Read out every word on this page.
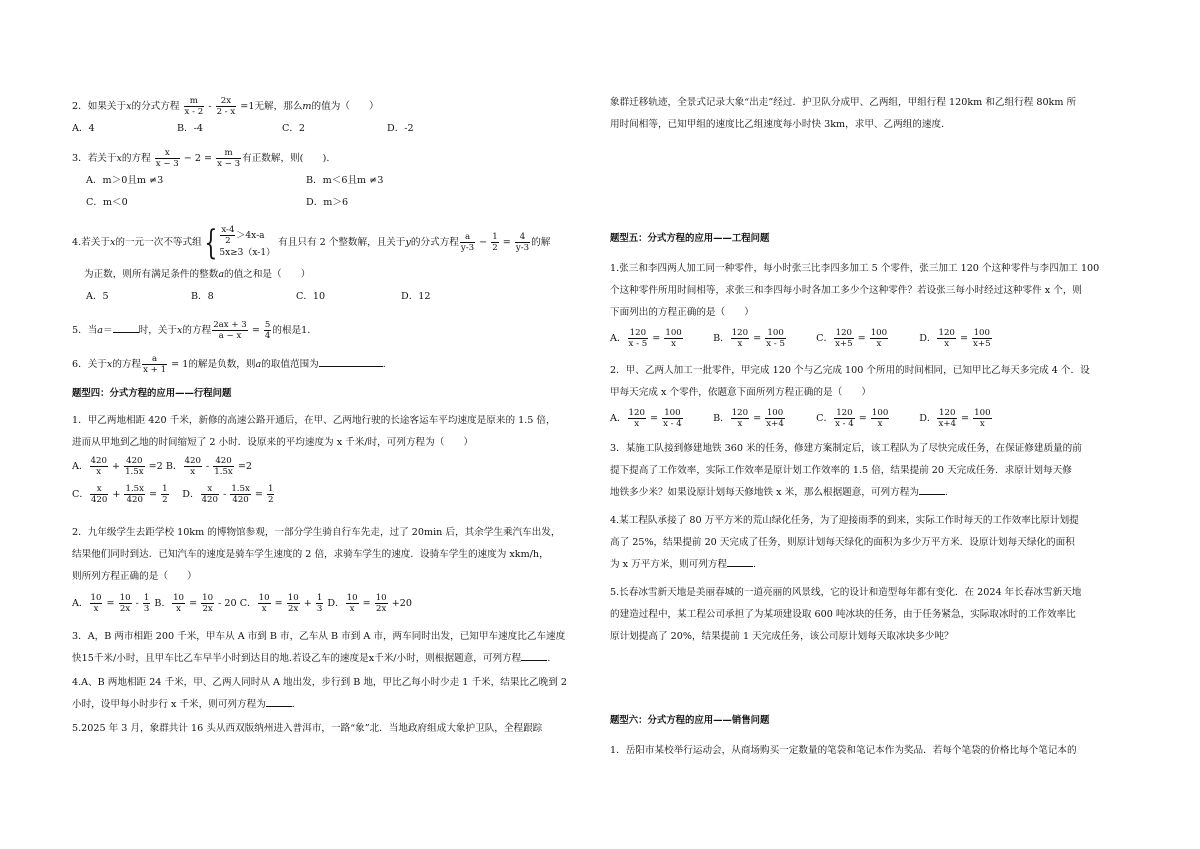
2．如果关于x的分式方程 $\frac{m}{x - 2} - \frac{2x}{2 - x} =1$无解，那么m的值为（　　）
A．4	B．-4	C．2	D．-2
3．若关于x的方程 $\frac{x}{x - 3} - 2 = \frac{m}{x - 3}$ 有正数解，则(　　).
A．m＞0且m ≠3	B．m＜6且m ≠3
C．m＜0	D．m＞6
4.若关于x的一元一次不等式组{ $\frac{x-4}{2} >4x-a$
5x≥3（x-1）
有且只有 2 个整数解，且关于y的分式方程 $\frac{a}{y-3} - \frac{1}{2} = \frac{4}{y-3}$ 的解
为正数，则所有满足条件的整数a的值之和是（　　）
A．5	B．8	C．10	D．12
5．当a＝	时，关于x的方程 $\frac{2ax + 3}{a - x} = \frac{5}{4}$ 的根是1.
6．关于x的方程 $\frac{a}{x + 1} = 1$的解是负数，则a的取值范围为	.
题型四：分式方程的应用——行程问题
1．甲乙两地相距 420 千米，新修的高速公路开通后，在甲、乙两地行驶的长途客运车平均速度是原来的 1.5 倍，
进而从甲地到乙地的时间缩短了 2 小时．设原来的平均速度为 x 千米/时，可列方程为（　　）
A． $\frac{420}{x} + \frac{420}{1.5x} =2$ B． $\frac{420}{x} - \frac{420}{1.5x} =2$
C． $\frac{x}{420} + \frac{1.5x}{420} = \frac{1}{2}$
　 D． $\frac{x}{420} - \frac{1.5x}{420} = \frac{1}{2}$
2．九年级学生去距学校 10km 的博物馆参观，一部分学生骑自行车先走，过了 20min 后，其余学生乘汽车出发，
结果他们同时到达．已知汽车的速度是骑车学生速度的 2 倍，求骑车学生的速度．设骑车学生的速度为 xkm/h，
则所列方程正确的是（　　）
A． $\frac{10}{x} = \frac{10}{2x} - \frac{1}{3}$ B． $\frac{10}{x} = \frac{10}{2x} - 20$ C． $\frac{10}{x} = \frac{10}{2x} + \frac{1}{3}$ D． $\frac{10}{x} = \frac{10}{2x} +20$
3．A，B 两市相距 200 千米，甲车从 A 市到 B 市，乙车从 B 市到 A 市，两车同时出发，已知甲车速度比乙车速度
快15千米/小时，且甲车比乙车早半小时到达目的地.若设乙车的速度是x千米/小时，则根据题意，可列方程	.
4.A、B 两地相距 24 千米，甲、乙两人同时从 A 地出发，步行到 B 地，甲比乙每小时少走 1 千米，结果比乙晚到 2
小时，设甲每小时步行 x 千米，则可列方程为	.
5.2025 年 3 月，象群共计 16 头从西双版纳州进入普洱市，一路“象”北．当地政府组成大象护卫队，全程跟踪
象群迁移轨迹，全景式记录大象“出走”经过．护卫队分成甲、乙两组，甲组行程 120km 和乙组行程 80km 所
用时间相等，已知甲组的速度比乙组速度每小时快 3km，求甲、乙两组的速度．
题型五：分式方程的应用——工程问题
1.张三和李四两人加工同一种零件，每小时张三比李四多加工 5 个零件，张三加工 120 个这种零件与李四加工 100
个这种零件所用时间相等，求张三和李四每小时各加工多少个这种零件？若设张三每小时经过这种零件 x 个，则
下面列出的方程正确的是（　　）
A． $\frac{120}{x - 5} = \frac{100}{x}$	B． $\frac{120}{x} = \frac{100}{x - 5}$	C． $\frac{120}{x+5} = \frac{100}{x}$	D． $\frac{120}{x} = \frac{100}{x+5}$
2．甲、乙两人加工一批零件，甲完成 120 个与乙完成 100 个所用的时间相同，已知甲比乙每天多完成 4 个．设
甲每天完成 x 个零件，依题意下面所列方程正确的是（　　）
A． $\frac{120}{x} = \frac{100}{x - 4}$	B． $\frac{120}{x} = \frac{100}{x+4}$	C． $\frac{120}{x - 4} = \frac{100}{x}$	D． $\frac{120}{x+4} = \frac{100}{x}$
3．某施工队接到修建地铁 360 米的任务，修建方案制定后，该工程队为了尽快完成任务，在保证修建质量的前
提下提高了工作效率，实际工作效率是原计划工作效率的 1.5 倍，结果提前 20 天完成任务．求原计划每天修
地铁多少米？如果设原计划每天修地铁 x 米，那么根据题意，可列方程为	.
4.某工程队承接了 80 万平方米的荒山绿化任务，为了迎接雨季的到来，实际工作时每天的工作效率比原计划提
高了 25%，结果提前 20 天完成了任务，则原计划每天绿化的面积为多少万平方米．设原计划每天绿化的面积
为 x 万平方米，则可列方程	.
5.长春冰雪新天地是美丽春城的一道亮丽的风景线，它的设计和造型每年都有变化．在 2024 年长春冰雪新天地
的建造过程中，某工程公司承担了为某项建设取 600 吨冰块的任务，由于任务紧急，实际取冰时的工作效率比
原计划提高了 20%，结果提前 1 天完成任务，该公司原计划每天取冰块多少吨？
题型六：分式方程的应用——销售问题
1．岳阳市某校举行运动会，从商场购买一定数量的笔袋和笔记本作为奖品．若每个笔袋的价格比每个笔记本的
